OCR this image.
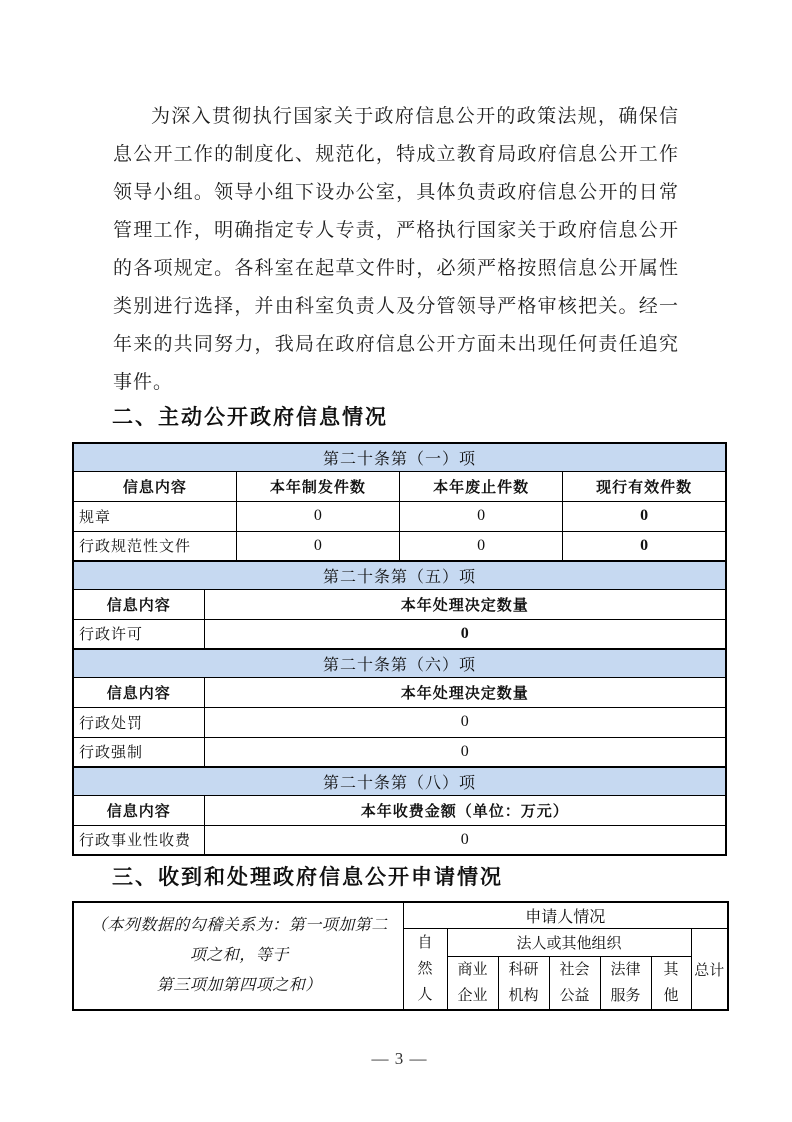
为深入贯彻执行国家关于政府信息公开的政策法规，确保信息公开工作的制度化、规范化，特成立教育局政府信息公开工作领导小组。领导小组下设办公室，具体负责政府信息公开的日常管理工作，明确指定专人专责，严格执行国家关于政府信息公开的各项规定。各科室在起草文件时，必须严格按照信息公开属性类别进行选择，并由科室负责人及分管领导严格审核把关。经一年来的共同努力，我局在政府信息公开方面未出现任何责任追究事件。

二、主动公开政府信息情况
第二十条第（一）项			
信息内容	本年制发件数	本年废止件数	现行有效件数
规章	0	0	0
行政规范性文件	0	0	0
第二十条第（五）项	
信息内容	本年处理决定数量
行政许可	0
第二十条第（六）项	
信息内容	本年处理决定数量
行政处罚	0
行政强制	0
第二十条第（八）项	
信息内容	本年收费金额（单位：万元）
行政事业性收费	0
三、收到和处理政府信息公开申请情况
（本列数据的勾稽关系为：第一项加第二项之和，等于
第三项加第四项之和）	申请人情况						
	自然人	法人或其他组织					总计
		商业企业	科研机构	社会公益	法律服务	其他	
— 3 —
